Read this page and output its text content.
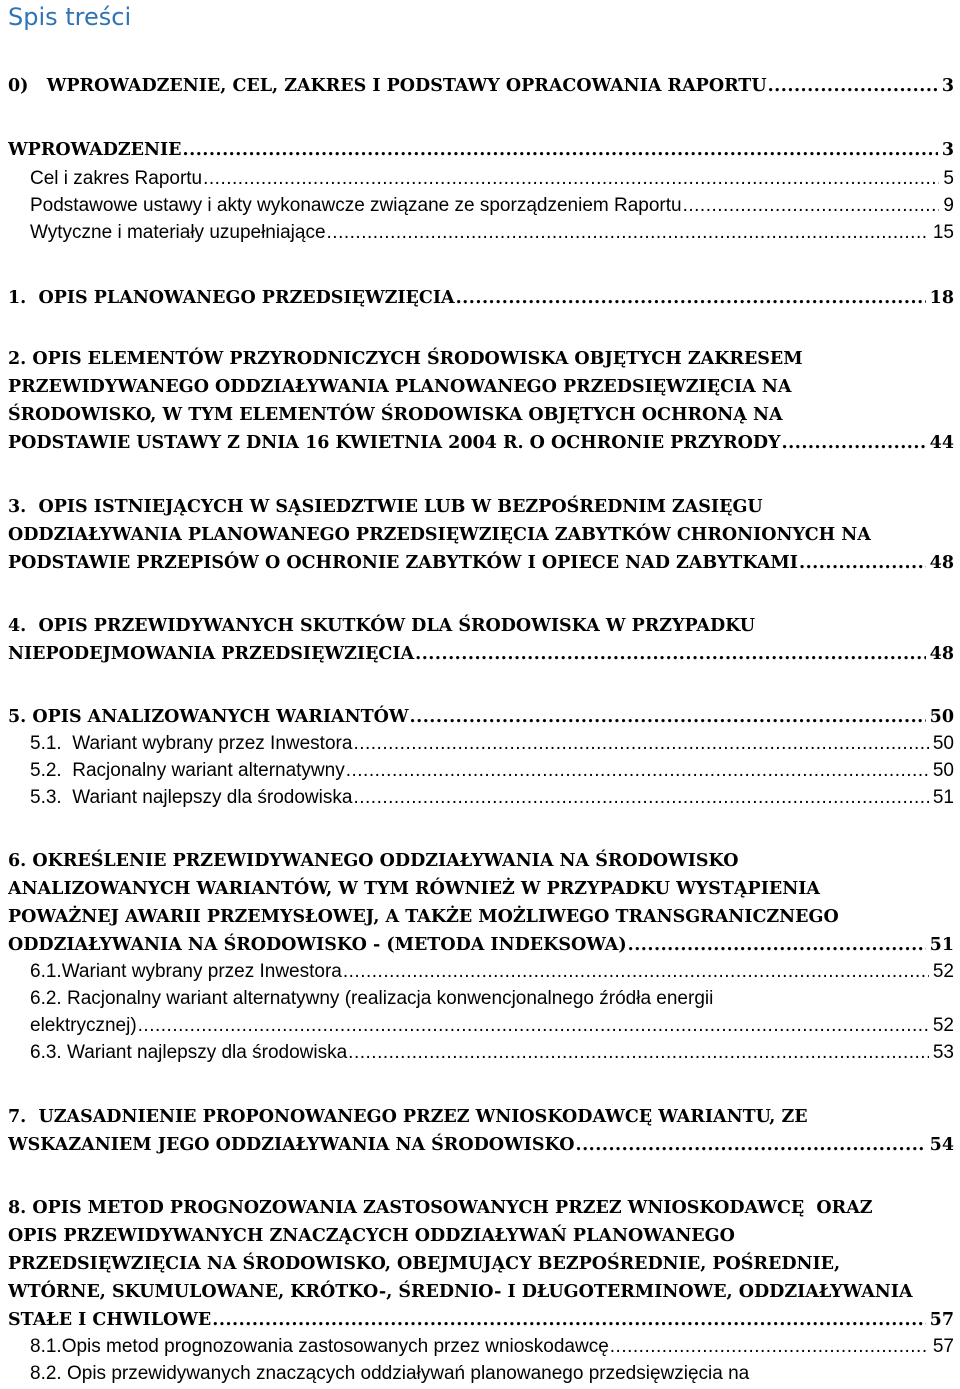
Spis treści
0)   WPROWADZENIE, CEL, ZAKRES I PODSTAWY OPRACOWANIA RAPORTU .....	3
WPROWADZENIE .....	3
Cel i zakres Raportu .....	5
Podstawowe ustawy i akty wykonawcze związane ze sporządzeniem Raportu .....	9
Wytyczne i materiały uzupełniające .....	15
1.  OPIS PLANOWANEGO PRZEDSIĘWZIĘCIA .....	18
2. OPIS ELEMENTÓW PRZYRODNICZYCH ŚRODOWISKA OBJĘTYCH ZAKRESEM
PRZEWIDYWANEGO ODDZIAŁYWANIA PLANOWANEGO PRZEDSIĘWZIĘCIA NA
ŚRODOWISKO, W TYM ELEMENTÓW ŚRODOWISKA OBJĘTYCH OCHRONĄ NA
PODSTAWIE USTAWY Z DNIA 16 KWIETNIA 2004 R. O OCHRONIE PRZYRODY .....	44
3.  OPIS ISTNIEJĄCYCH W SĄSIEDZTWIE LUB W BEZPOŚREDNIM ZASIĘGU
ODDZIAŁYWANIA PLANOWANEGO PRZEDSIĘWZIĘCIA ZABYTKÓW CHRONIONYCH NA
PODSTAWIE PRZEPISÓW O OCHRONIE ZABYTKÓW I OPIECE NAD ZABYTKAMI .....	48
4.  OPIS PRZEWIDYWANYCH SKUTKÓW DLA ŚRODOWISKA W PRZYPADKU
NIEPODEJMOWANIA PRZEDSIĘWZIĘCIA .....	48
5. OPIS ANALIZOWANYCH WARIANTÓW .....	50
5.1.  Wariant wybrany przez Inwestora .....	50
5.2.  Racjonalny wariant alternatywny .....	50
5.3.  Wariant najlepszy dla środowiska .....	51
6. OKREŚLENIE PRZEWIDYWANEGO ODDZIAŁYWANIA NA ŚRODOWISKO
ANALIZOWANYCH WARIANTÓW, W TYM RÓWNIEŻ W PRZYPADKU WYSTĄPIENIA
POWAŻNEJ AWARII PRZEMYSŁOWEJ, A TAKŻE MOŻLIWEGO TRANSGRANICZNEGO
ODDZIAŁYWANIA NA ŚRODOWISKO - (METODA INDEKSOWA) .....	51
6.1.Wariant wybrany przez Inwestora .....	52
6.2. Racjonalny wariant alternatywny (realizacja konwencjonalnego źródła energii
elektrycznej) .....	52
6.3. Wariant najlepszy dla środowiska .....	53
7.  UZASADNIENIE PROPONOWANEGO PRZEZ WNIOSKODAWCĘ WARIANTU, ZE
WSKAZANIEM JEGO ODDZIAŁYWANIA NA ŚRODOWISKO .....	54
8. OPIS METOD PROGNOZOWANIA ZASTOSOWANYCH PRZEZ WNIOSKODAWCĘ  ORAZ
OPIS PRZEWIDYWANYCH ZNACZĄCYCH ODDZIAŁYWAŃ PLANOWANEGO
PRZEDSIĘWZIĘCIA NA ŚRODOWISKO, OBEJMUJĄCY BEZPOŚREDNIE, POŚREDNIE,
WTÓRNE, SKUMULOWANE, KRÓTKO-, ŚREDNIO- I DŁUGOTERMINOWE, ODDZIAŁYWANIA
STAŁE I CHWILOWE .....	57
8.1.Opis metod prognozowania zastosowanych przez wnioskodawcę .....	57
8.2. Opis przewidywanych znaczących oddziaływań planowanego przedsięwzięcia na
